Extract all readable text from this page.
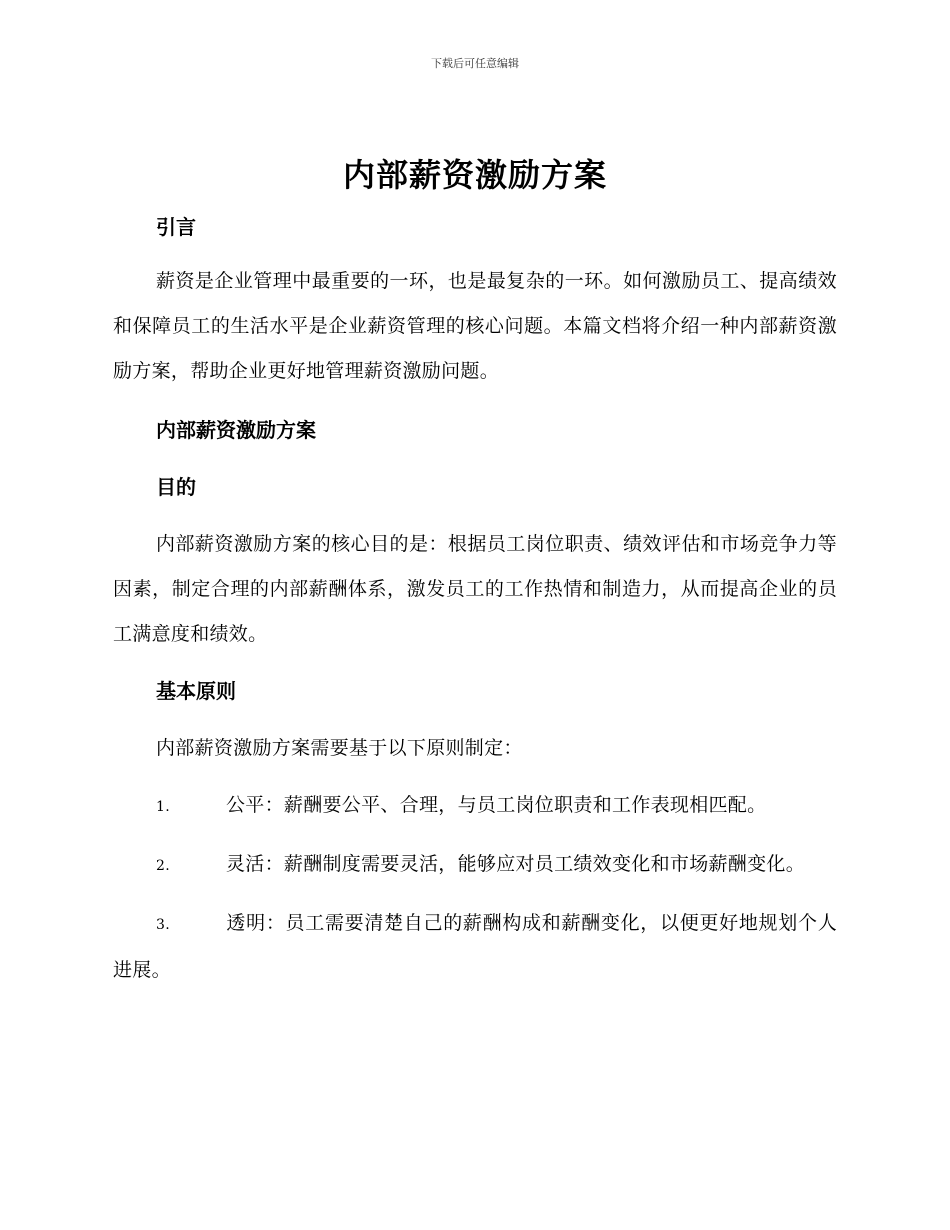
下载后可任意编辑
内部薪资激励方案
引言

薪资是企业管理中最重要的一环，也是最复杂的一环。如何激励员工、提高绩效和保障员工的生活水平是企业薪资管理的核心问题。本篇文档将介绍一种内部薪资激励方案，帮助企业更好地管理薪资激励问题。

内部薪资激励方案
目的

内部薪资激励方案的核心目的是：根据员工岗位职责、绩效评估和市场竞争力等因素，制定合理的内部薪酬体系，激发员工的工作热情和制造力，从而提高企业的员工满意度和绩效。

基本原则

内部薪资激励方案需要基于以下原则制定：

1.	公平：薪酬要公平、合理，与员工岗位职责和工作表现相匹配。

2.	灵活：薪酬制度需要灵活，能够应对员工绩效变化和市场薪酬变化。

3.	透明：员工需要清楚自己的薪酬构成和薪酬变化，以便更好地规划个人进展。
